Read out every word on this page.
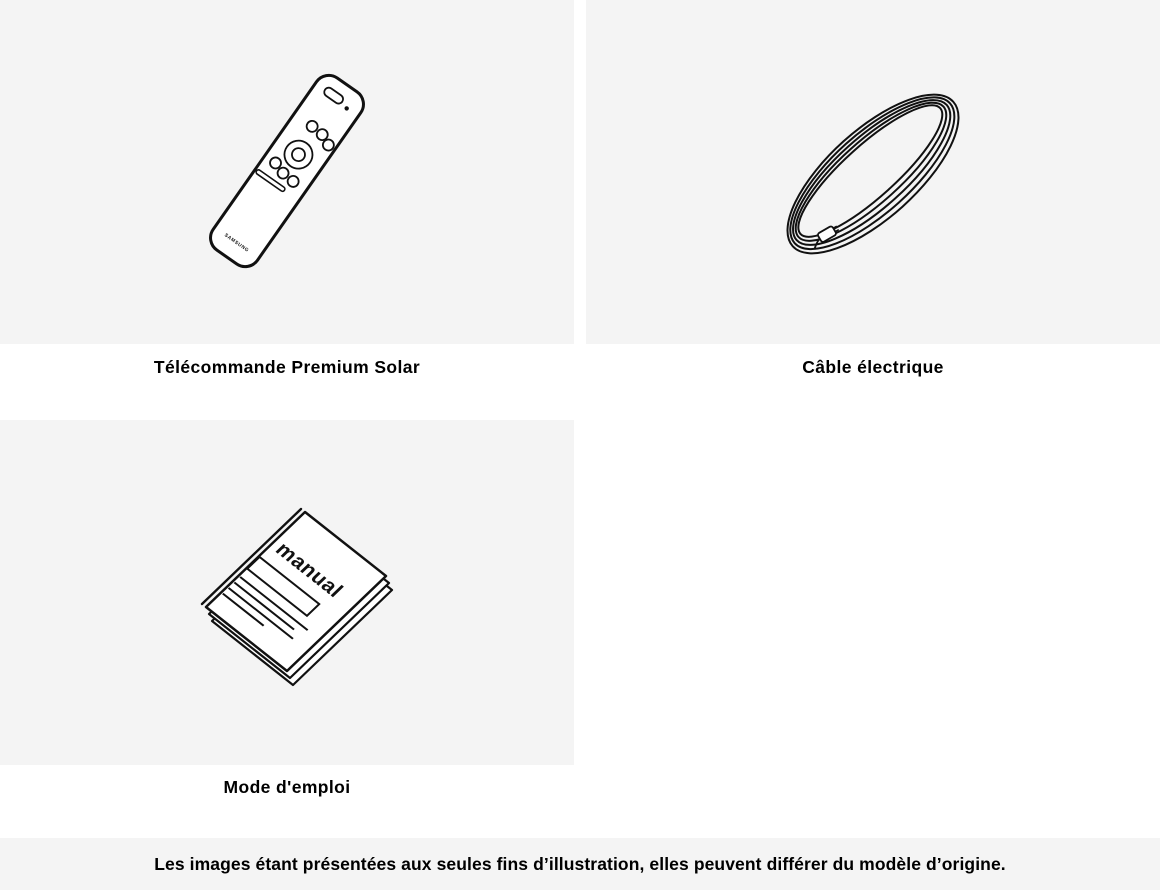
SAMSUNG
Télécommande Premium Solar	Câble électrique
manual
Mode d'emploi

Les images étant présentées aux seules fins d’illustration, elles peuvent différer du modèle d’origine.
